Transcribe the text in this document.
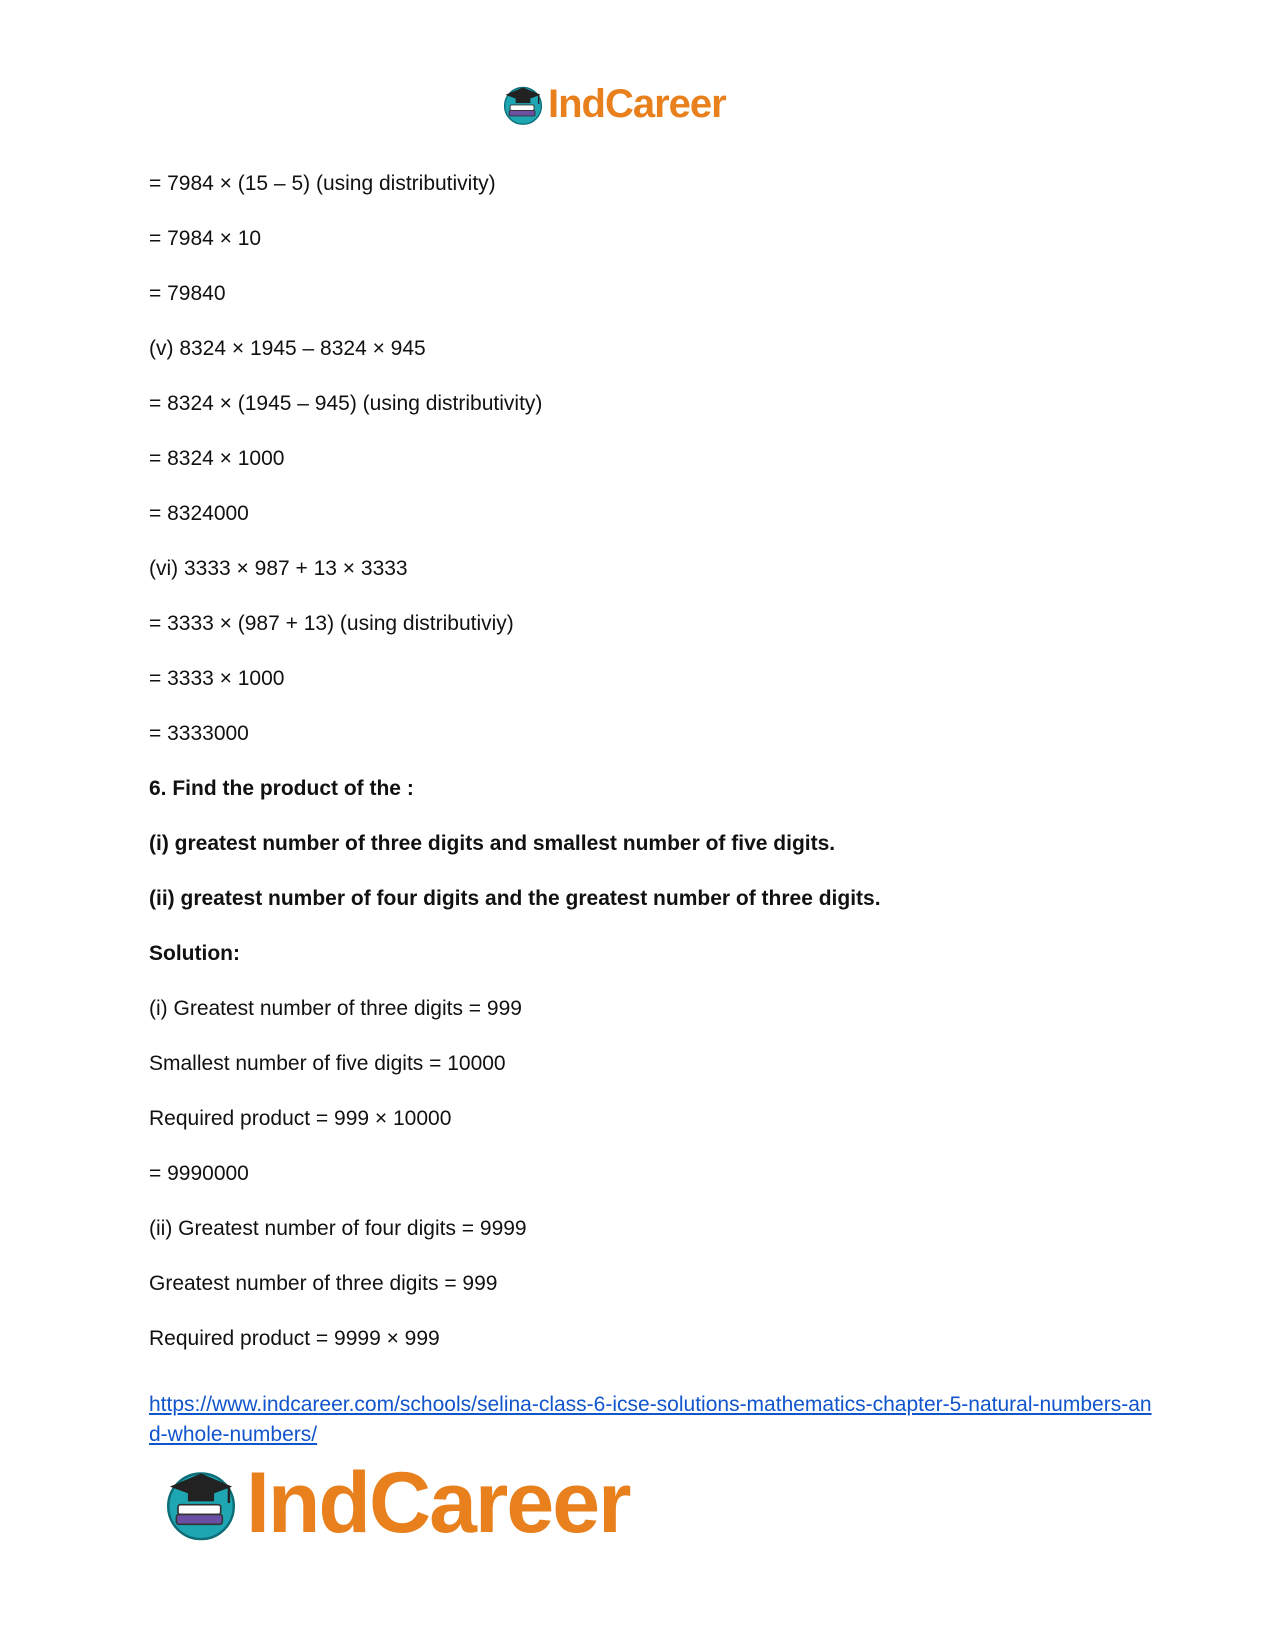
IndCareer
= 7984 × (15 – 5) (using distributivity)
= 7984 × 10
= 79840
(v) 8324 × 1945 – 8324 × 945
= 8324 × (1945 – 945) (using distributivity)
= 8324 × 1000
= 8324000
(vi) 3333 × 987 + 13 × 3333
= 3333 × (987 + 13) (using distributiviy)
= 3333 × 1000
= 3333000
6. Find the product of the :
(i) greatest number of three digits and smallest number of five digits.
(ii) greatest number of four digits and the greatest number of three digits.
Solution:
(i) Greatest number of three digits = 999
Smallest number of five digits = 10000
Required product = 999 × 10000
= 9990000
(ii) Greatest number of four digits = 9999
Greatest number of three digits = 999
Required product = 9999 × 999
https://www.indcareer.com/schools/selina-class-6-icse-solutions-mathematics-chapter-5-natural-numbers-and-whole-numbers/
IndCareer
